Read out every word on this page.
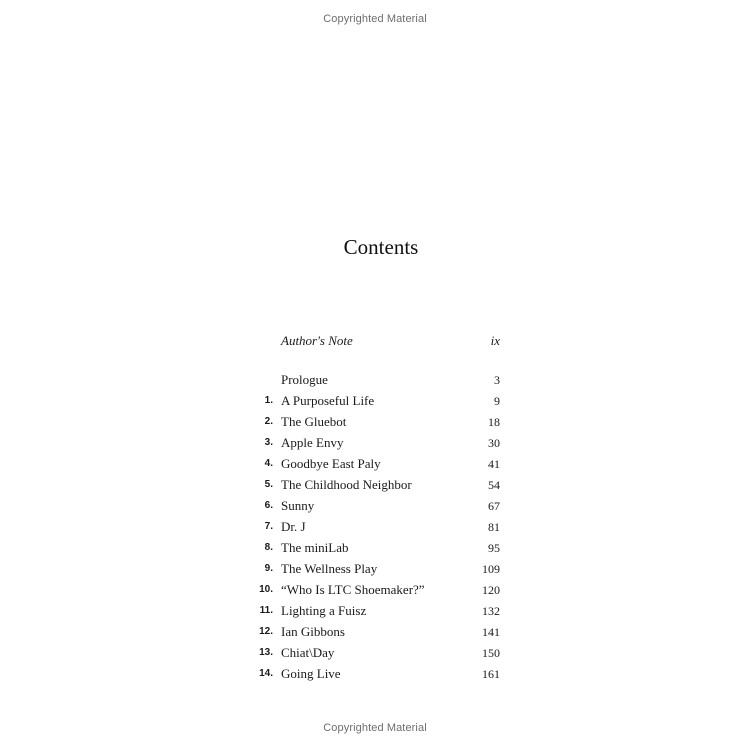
Copyrighted Material
Contents
Author's Note	ix
Prologue	3
1. A Purposeful Life	9
2. The Gluebot	18
3. Apple Envy	30
4. Goodbye East Paly	41
5. The Childhood Neighbor	54
6. Sunny	67
7. Dr. J	81
8. The miniLab	95
9. The Wellness Play	109
10. “Who Is LTC Shoemaker?”	120
11. Lighting a Fuisz	132
12. Ian Gibbons	141
13. Chiat\Day	150
14. Going Live	161
Copyrighted Material
